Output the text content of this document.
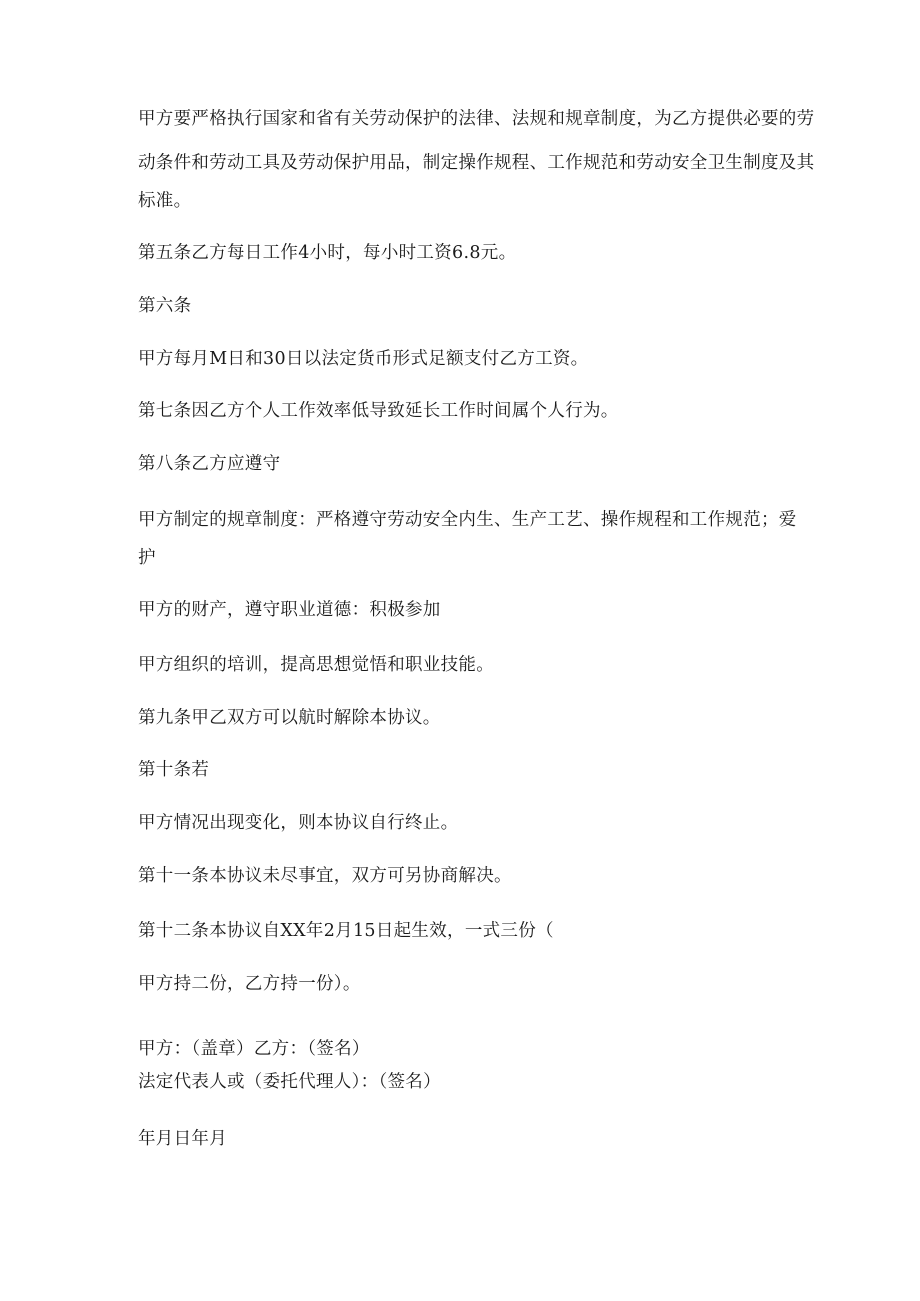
甲方要严格执行国家和省有关劳动保护的法律、法规和规章制度，为乙方提供必要的劳
动条件和劳动工具及劳动保护用品，制定操作规程、工作规范和劳动安全卫生制度及其
标准。
第五条乙方每日工作4小时，每小时工资6.8元。
第六条
甲方每月M日和30日以法定货币形式足额支付乙方工资。
第七条因乙方个人工作效率低导致延长工作时间属个人行为。
第八条乙方应遵守
甲方制定的规章制度：严格遵守劳动安全内生、生产工艺、操作规程和工作规范；爱
护
甲方的财产，遵守职业道德：积极参加
甲方组织的培训，提高思想觉悟和职业技能。
第九条甲乙双方可以航时解除本协议。
第十条若
甲方情况出现变化，则本协议自行终止。
第十一条本协议未尽事宜，双方可另协商解决。
第十二条本协议自XX年2月15日起生效，一式三份（
甲方持二份，乙方持一份）。
甲方：（盖章）乙方：（签名）
法定代表人或（委托代理人）：（签名）
年月日年月
